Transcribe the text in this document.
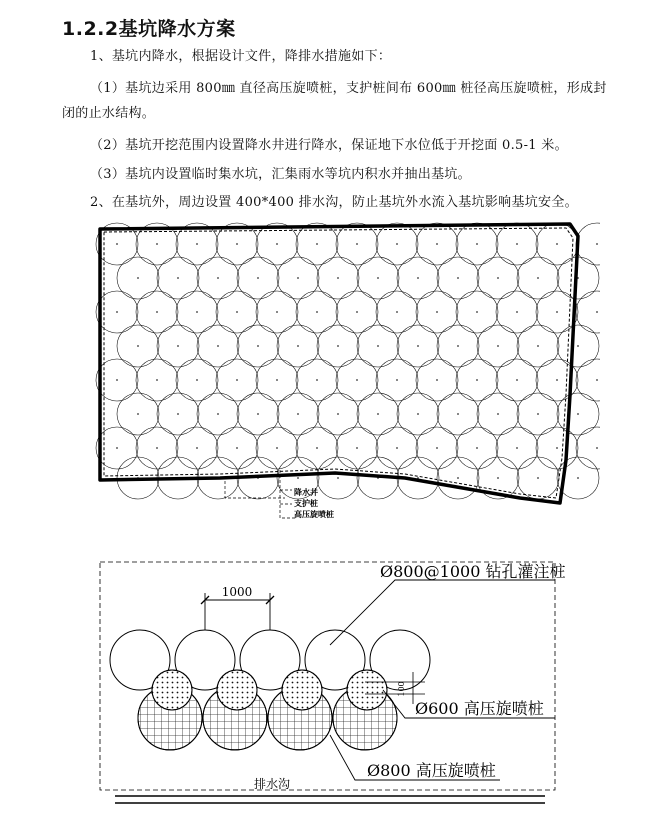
1.2.2基坑降水方案
1、基坑内降水，根据设计文件，降排水措施如下：
（1）基坑边采用 800㎜ 直径高压旋喷桩，支护桩间布 600㎜ 桩径高压旋喷桩，形成封
闭的止水结构。
（2）基坑开挖范围内设置降水井进行降水，保证地下水位低于开挖面 0.5-1 米。
（3）基坑内设置临时集水坑，汇集雨水等坑内积水并抽出基坑。
2、在基坑外，周边设置 400*400 排水沟，防止基坑外水流入基坑影响基坑安全。
降水井
支护桩
高压旋喷桩
1000
Ø800@1000 钻孔灌注桩
Ø600 高压旋喷桩
Ø800 高压旋喷桩
100
排水沟
